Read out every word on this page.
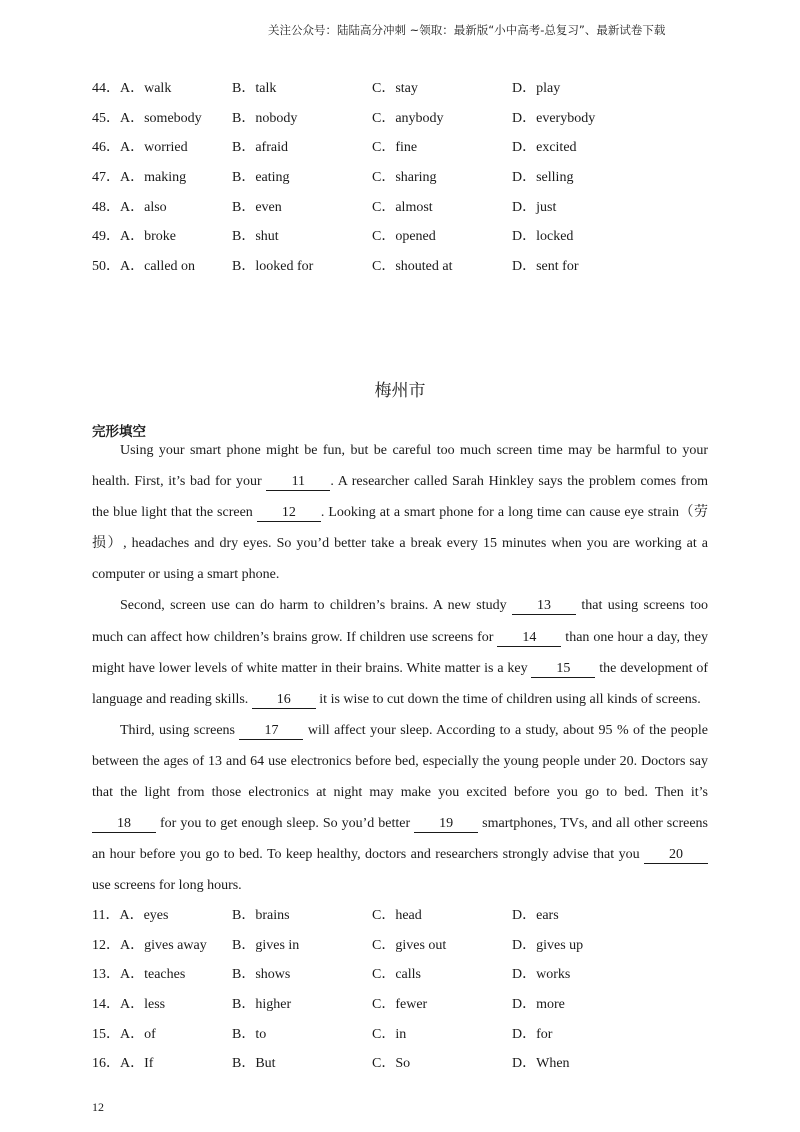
关注公众号：陆陆高分冲刺 ~领取：最新版“小中高考-总复习”、最新试卷下载
44．A．walk	B．talk	C．stay	D．play
45．A．somebody	B．nobody	C．anybody	D．everybody
46．A．worried	B．afraid	C．fine	D．excited
47．A．making	B．eating	C．sharing	D．selling
48．A．also	B．even	C．almost	D．just
49．A．broke	B．shut	C．opened	D．locked
50．A．called on	B．looked for	C．shouted at	D．sent for
梅州市
完形填空

Using your smart phone might be fun, but be careful too much screen time may be harmful to your health. First, it’s bad for your 11 . A researcher called Sarah Hinkley says the problem comes from the blue light that the screen 12 . Looking at a smart phone for a long time can cause eye strain（劳损）, headaches and dry eyes. So you’d better take a break every 15 minutes when you are working at a computer or using a smart phone.

Second, screen use can do harm to children’s brains. A new study 13 that using screens too much can affect how children’s brains grow. If children use screens for 14 than one hour a day, they might have lower levels of white matter in their brains. White matter is a key 15 the development of language and reading skills. 16 it is wise to cut down the time of children using all kinds of screens.

Third, using screens 17 will affect your sleep. According to a study, about 95 % of the people between the ages of 13 and 64 use electronics before bed, especially the young people under 20. Doctors say that the light from those electronics at night may make you excited before you go to bed. Then it’s 18 for you to get enough sleep. So you’d better 19 smartphones, TVs, and all other screens an hour before you go to bed. To keep healthy, doctors and researchers strongly advise that you 20 use screens for long hours.

11．A．eyes	B．brains	C．head	D．ears
12．A．gives away	B．gives in	C．gives out	D．gives up
13．A．teaches	B．shows	C．calls	D．works
14．A．less	B．higher	C．fewer	D．more
15．A．of	B．to	C．in	D．for
16．A．If	B．But	C．So	D．When
12
